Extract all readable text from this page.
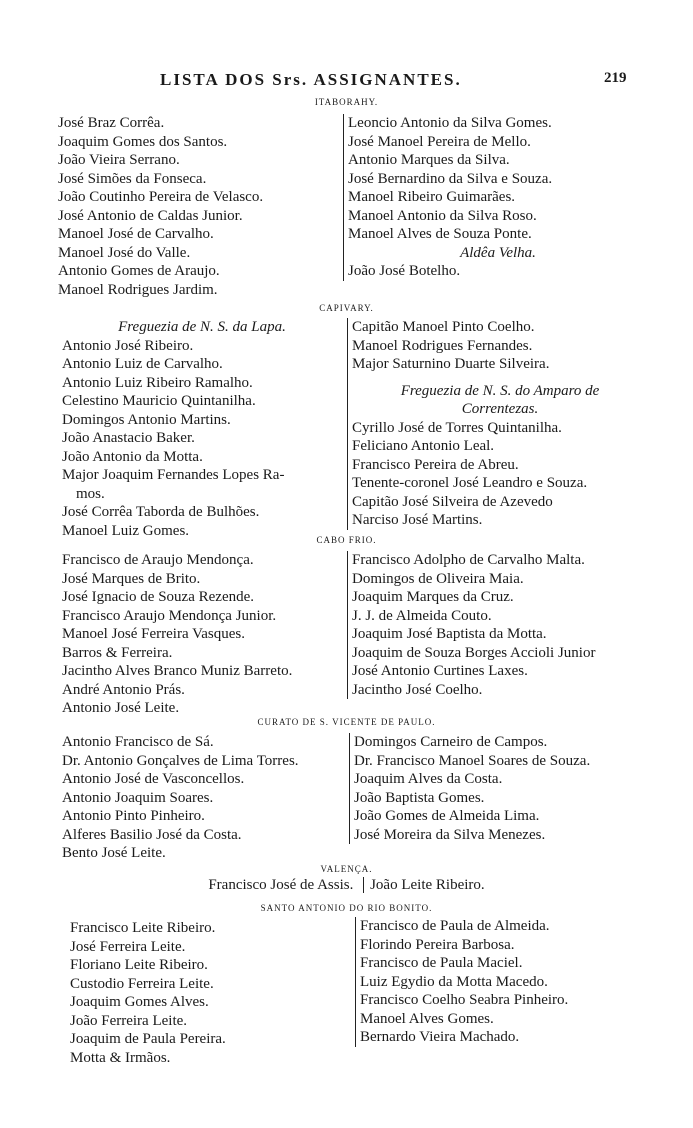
LISTA DOS Srs. ASSIGNANTES.	219
ITABORAHY.
José Braz Corrêa.
Joaquim Gomes dos Santos.
João Vieira Serrano.
José Simões da Fonseca.
João Coutinho Pereira de Velasco.
José Antonio de Caldas Junior.
Manoel José de Carvalho.
Manoel José do Valle.
Antonio Gomes de Araujo.
Manoel Rodrigues Jardim.
Leoncio Antonio da Silva Gomes.
José Manoel Pereira de Mello.
Antonio Marques da Silva.
José Bernardino da Silva e Souza.
Manoel Ribeiro Guimarães.
Manoel Antonio da Silva Roso.
Manoel Alves de Souza Ponte.
Aldêa Velha.
João José Botelho.
CAPIVARY.
Freguezia de N. S. da Lapa.
Antonio José Ribeiro.
Antonio Luiz de Carvalho.
Antonio Luiz Ribeiro Ramalho.
Celestino Mauricio Quintanilha.
Domingos Antonio Martins.
João Anastacio Baker.
João Antonio da Motta.
Major Joaquim Fernandes Lopes Ra-
mos.
José Corrêa Taborda de Bulhões.
Manoel Luiz Gomes.
Capitão Manoel Pinto Coelho.
Manoel Rodrigues Fernandes.
Major Saturnino Duarte Silveira.
Freguezia de N. S. do Amparo de
Correntezas.
Cyrillo José de Torres Quintanilha.
Feliciano Antonio Leal.
Francisco Pereira de Abreu.
Tenente-coronel José Leandro e Souza.
Capitão José Silveira de Azevedo
Narciso José Martins.
CABO FRIO.
Francisco de Araujo Mendonça.
José Marques de Brito.
José Ignacio de Souza Rezende.
Francisco Araujo Mendonça Junior.
Manoel José Ferreira Vasques.
Barros & Ferreira.
Jacintho Alves Branco Muniz Barreto.
André Antonio Prás.
Antonio José Leite.
Francisco Adolpho de Carvalho Malta.
Domingos de Oliveira Maia.
Joaquim Marques da Cruz.
J. J. de Almeida Couto.
Joaquim José Baptista da Motta.
Joaquim de Souza Borges Accioli Junior
José Antonio Curtines Laxes.
Jacintho José Coelho.
CURATO DE S. VICENTE DE PAULO.
Antonio Francisco de Sá.
Dr. Antonio Gonçalves de Lima Torres.
Antonio José de Vasconcellos.
Antonio Joaquim Soares.
Antonio Pinto Pinheiro.
Alferes Basilio José da Costa.
Bento José Leite.
Domingos Carneiro de Campos.
Dr. Francisco Manoel Soares de Souza.
Joaquim Alves da Costa.
João Baptista Gomes.
João Gomes de Almeida Lima.
José Moreira da Silva Menezes.
VALENÇA.
Francisco José de Assis. João Leite Ribeiro.
SANTO ANTONIO DO RIO BONITO.
Francisco Leite Ribeiro.
José Ferreira Leite.
Floriano Leite Ribeiro.
Custodio Ferreira Leite.
Joaquim Gomes Alves.
João Ferreira Leite.
Joaquim de Paula Pereira.
Motta & Irmãos.
Francisco de Paula de Almeida.
Florindo Pereira Barbosa.
Francisco de Paula Maciel.
Luiz Egydio da Motta Macedo.
Francisco Coelho Seabra Pinheiro.
Manoel Alves Gomes.
Bernardo Vieira Machado.
